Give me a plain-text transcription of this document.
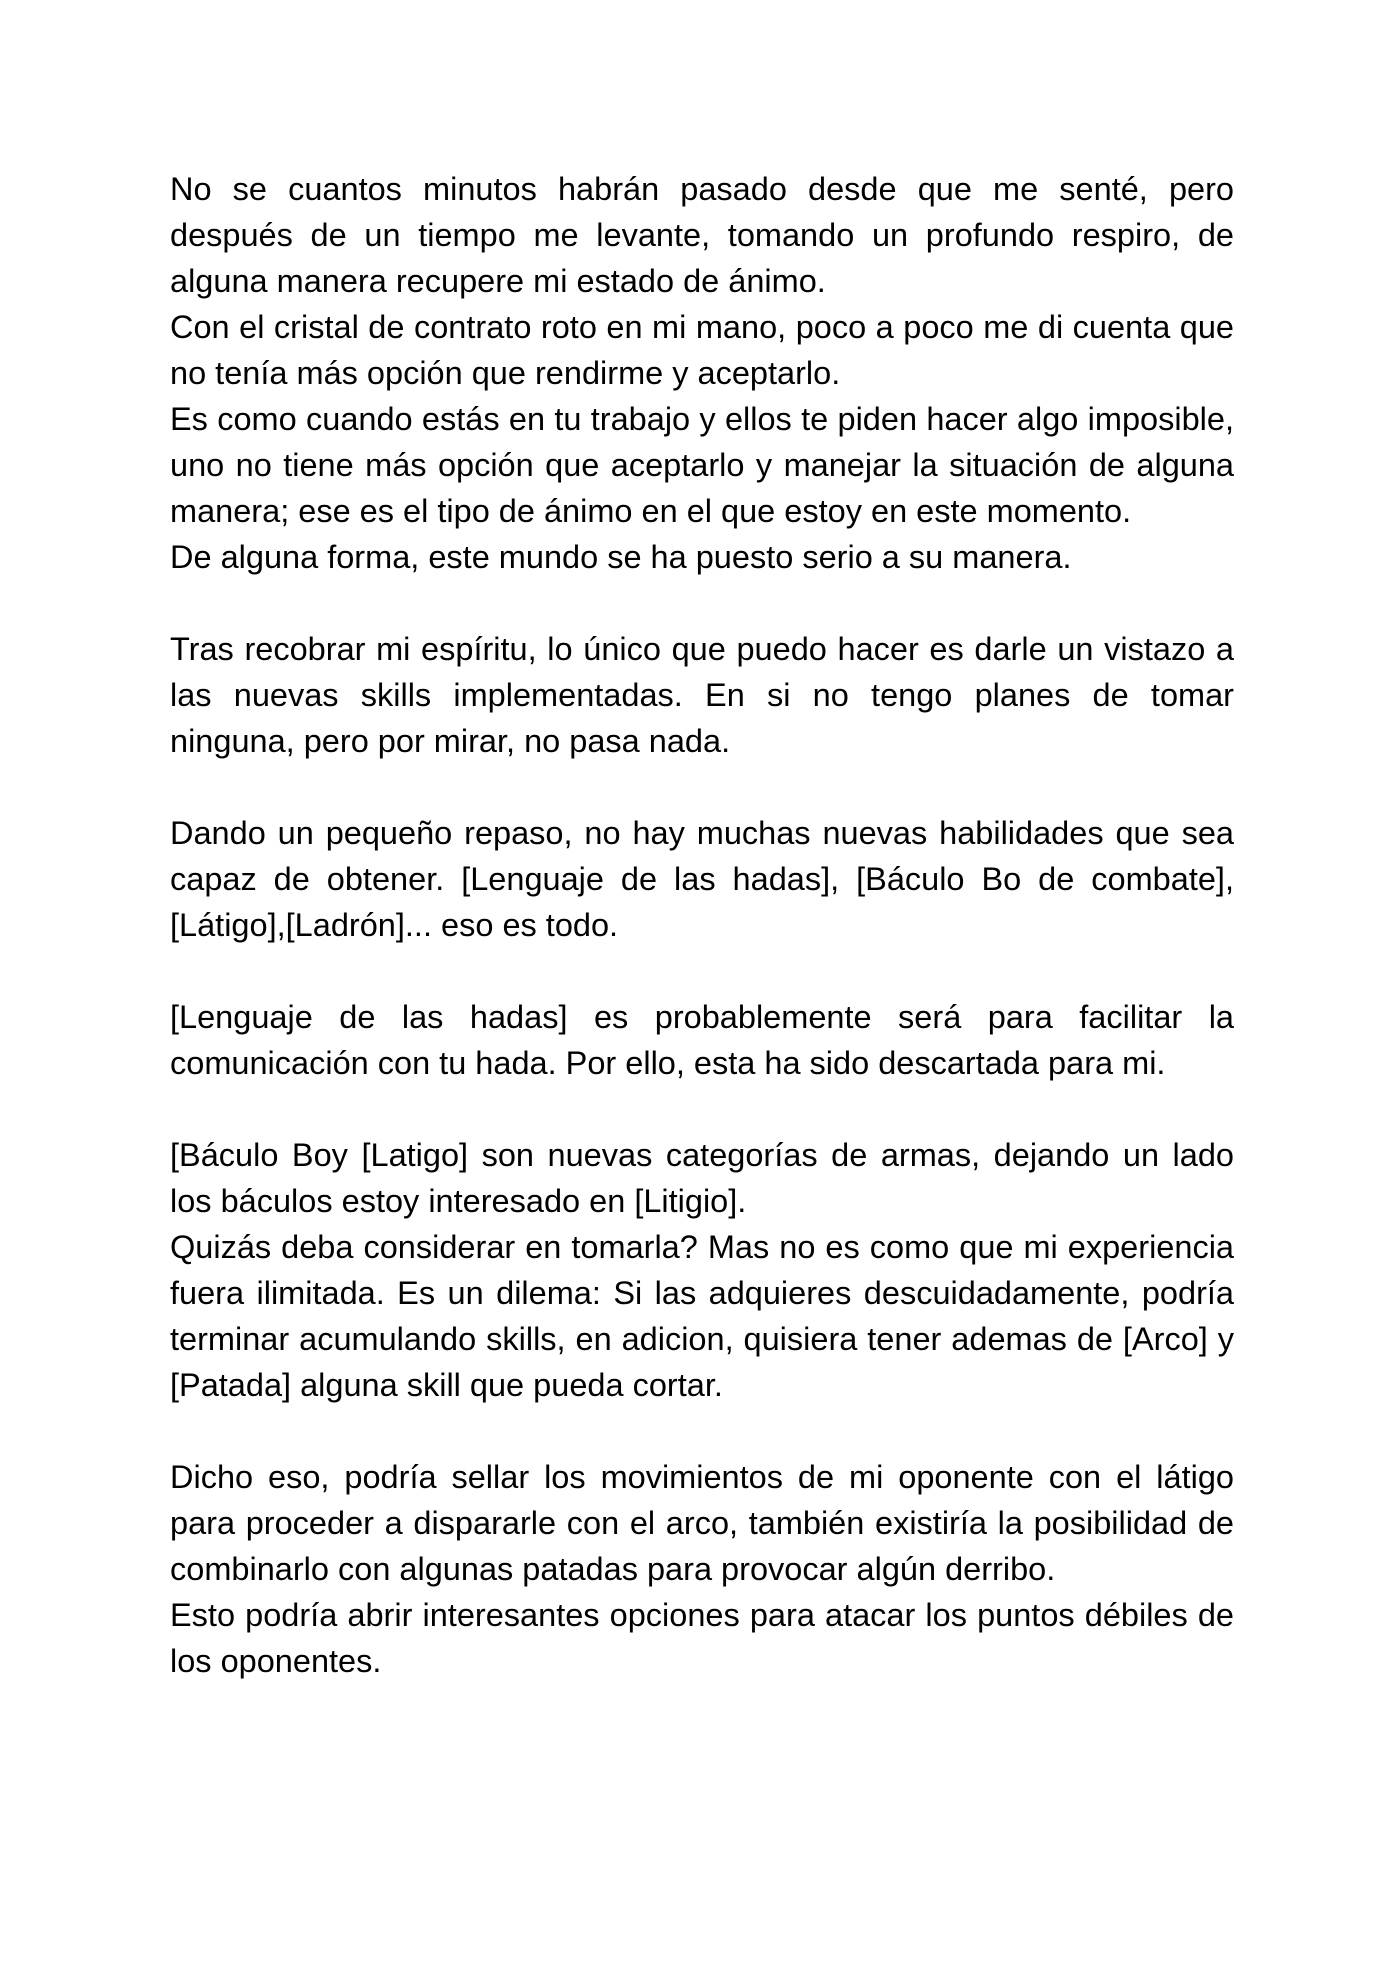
No se cuantos minutos habrán pasado desde que me senté, pero después de un tiempo me levante, tomando un profundo respiro, de alguna manera recupere mi estado de ánimo.

Con el cristal de contrato roto en mi mano, poco a poco me di cuenta que no tenía más opción que rendirme y aceptarlo.

Es como cuando estás en tu trabajo y ellos te piden hacer algo imposible, uno no tiene más opción que aceptarlo y manejar la situación de alguna manera; ese es el tipo de ánimo en el que estoy en este momento.

De alguna forma, este mundo se ha puesto serio a su manera.

Tras recobrar mi espíritu, lo único que puedo hacer es darle un vistazo a las nuevas skills implementadas. En si no tengo planes de tomar ninguna, pero por mirar, no pasa nada.

Dando un pequeño repaso, no hay muchas nuevas habilidades que sea capaz de obtener. [Lenguaje de las hadas], [Báculo Bo de combate],[Látigo],[Ladrón]... eso es todo.

[Lenguaje de las hadas] es probablemente será para facilitar la comunicación con tu hada. Por ello, esta ha sido descartada para mi.

[Báculo Boy [Latigo] son nuevas categorías de armas, dejando un lado los báculos estoy interesado en [Litigio].

Quizás deba considerar en tomarla? Mas no es como que mi experiencia fuera ilimitada. Es un dilema: Si las adquieres descuidadamente, podría terminar acumulando skills, en adicion, quisiera tener ademas de [Arco] y [Patada] alguna skill que pueda cortar.

Dicho eso, podría sellar los movimientos de mi oponente con el látigo para proceder a dispararle con el arco, también existiría la posibilidad de combinarlo con algunas patadas para provocar algún derribo.

Esto podría abrir interesantes opciones para atacar los puntos débiles de los oponentes.
